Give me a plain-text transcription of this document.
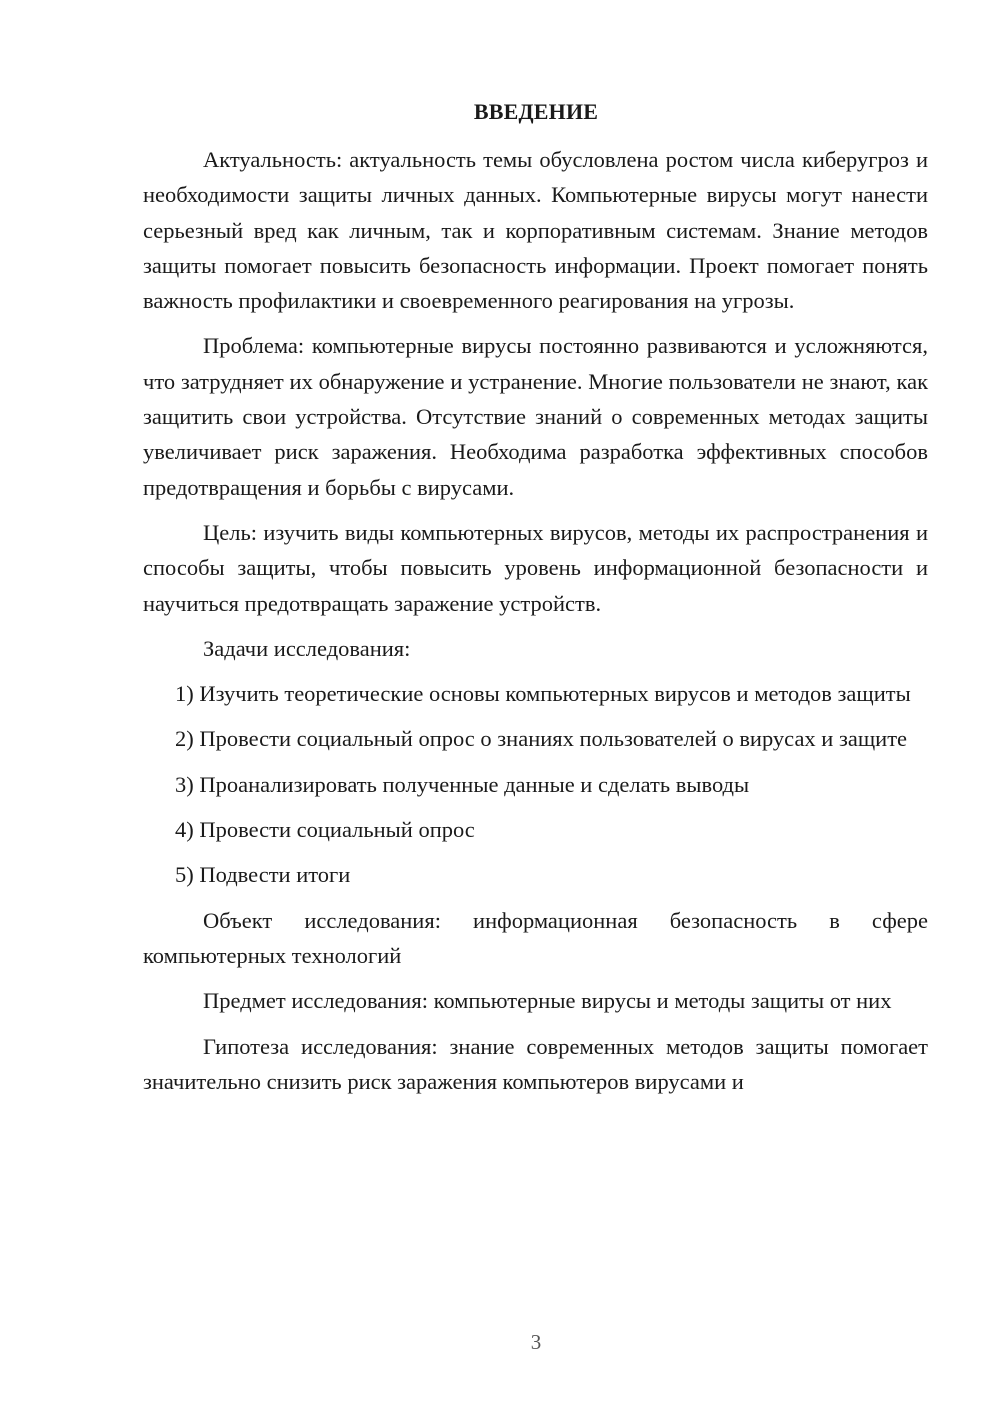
ВВЕДЕНИЕ

Актуальность: актуальность темы обусловлена ростом числа киберугроз и необходимости защиты личных данных. Компьютерные вирусы могут нанести серьезный вред как личным, так и корпоративным системам. Знание методов защиты помогает повысить безопасность информации. Проект помогает понять важность профилактики и своевременного реагирования на угрозы.

Проблема: компьютерные вирусы постоянно развиваются и усложняются, что затрудняет их обнаружение и устранение. Многие пользователи не знают, как защитить свои устройства. Отсутствие знаний о современных методах защиты увеличивает риск заражения. Необходима разработка эффективных способов предотвращения и борьбы с вирусами.

Цель: изучить виды компьютерных вирусов, методы их распространения и способы защиты, чтобы повысить уровень информационной безопасности и научиться предотвращать заражение устройств.

Задачи исследования:

1) Изучить теоретические основы компьютерных вирусов и методов защиты

2) Провести социальный опрос о знаниях пользователей о вирусах и защите

3) Проанализировать полученные данные и сделать выводы

4) Провести социальный опрос

5) Подвести итоги

Объект исследования: информационная безопасность в сфере компьютерных технологий

Предмет исследования: компьютерные вирусы и методы защиты от них

Гипотеза исследования: знание современных методов защиты помогает значительно снизить риск заражения компьютеров вирусами и

3
